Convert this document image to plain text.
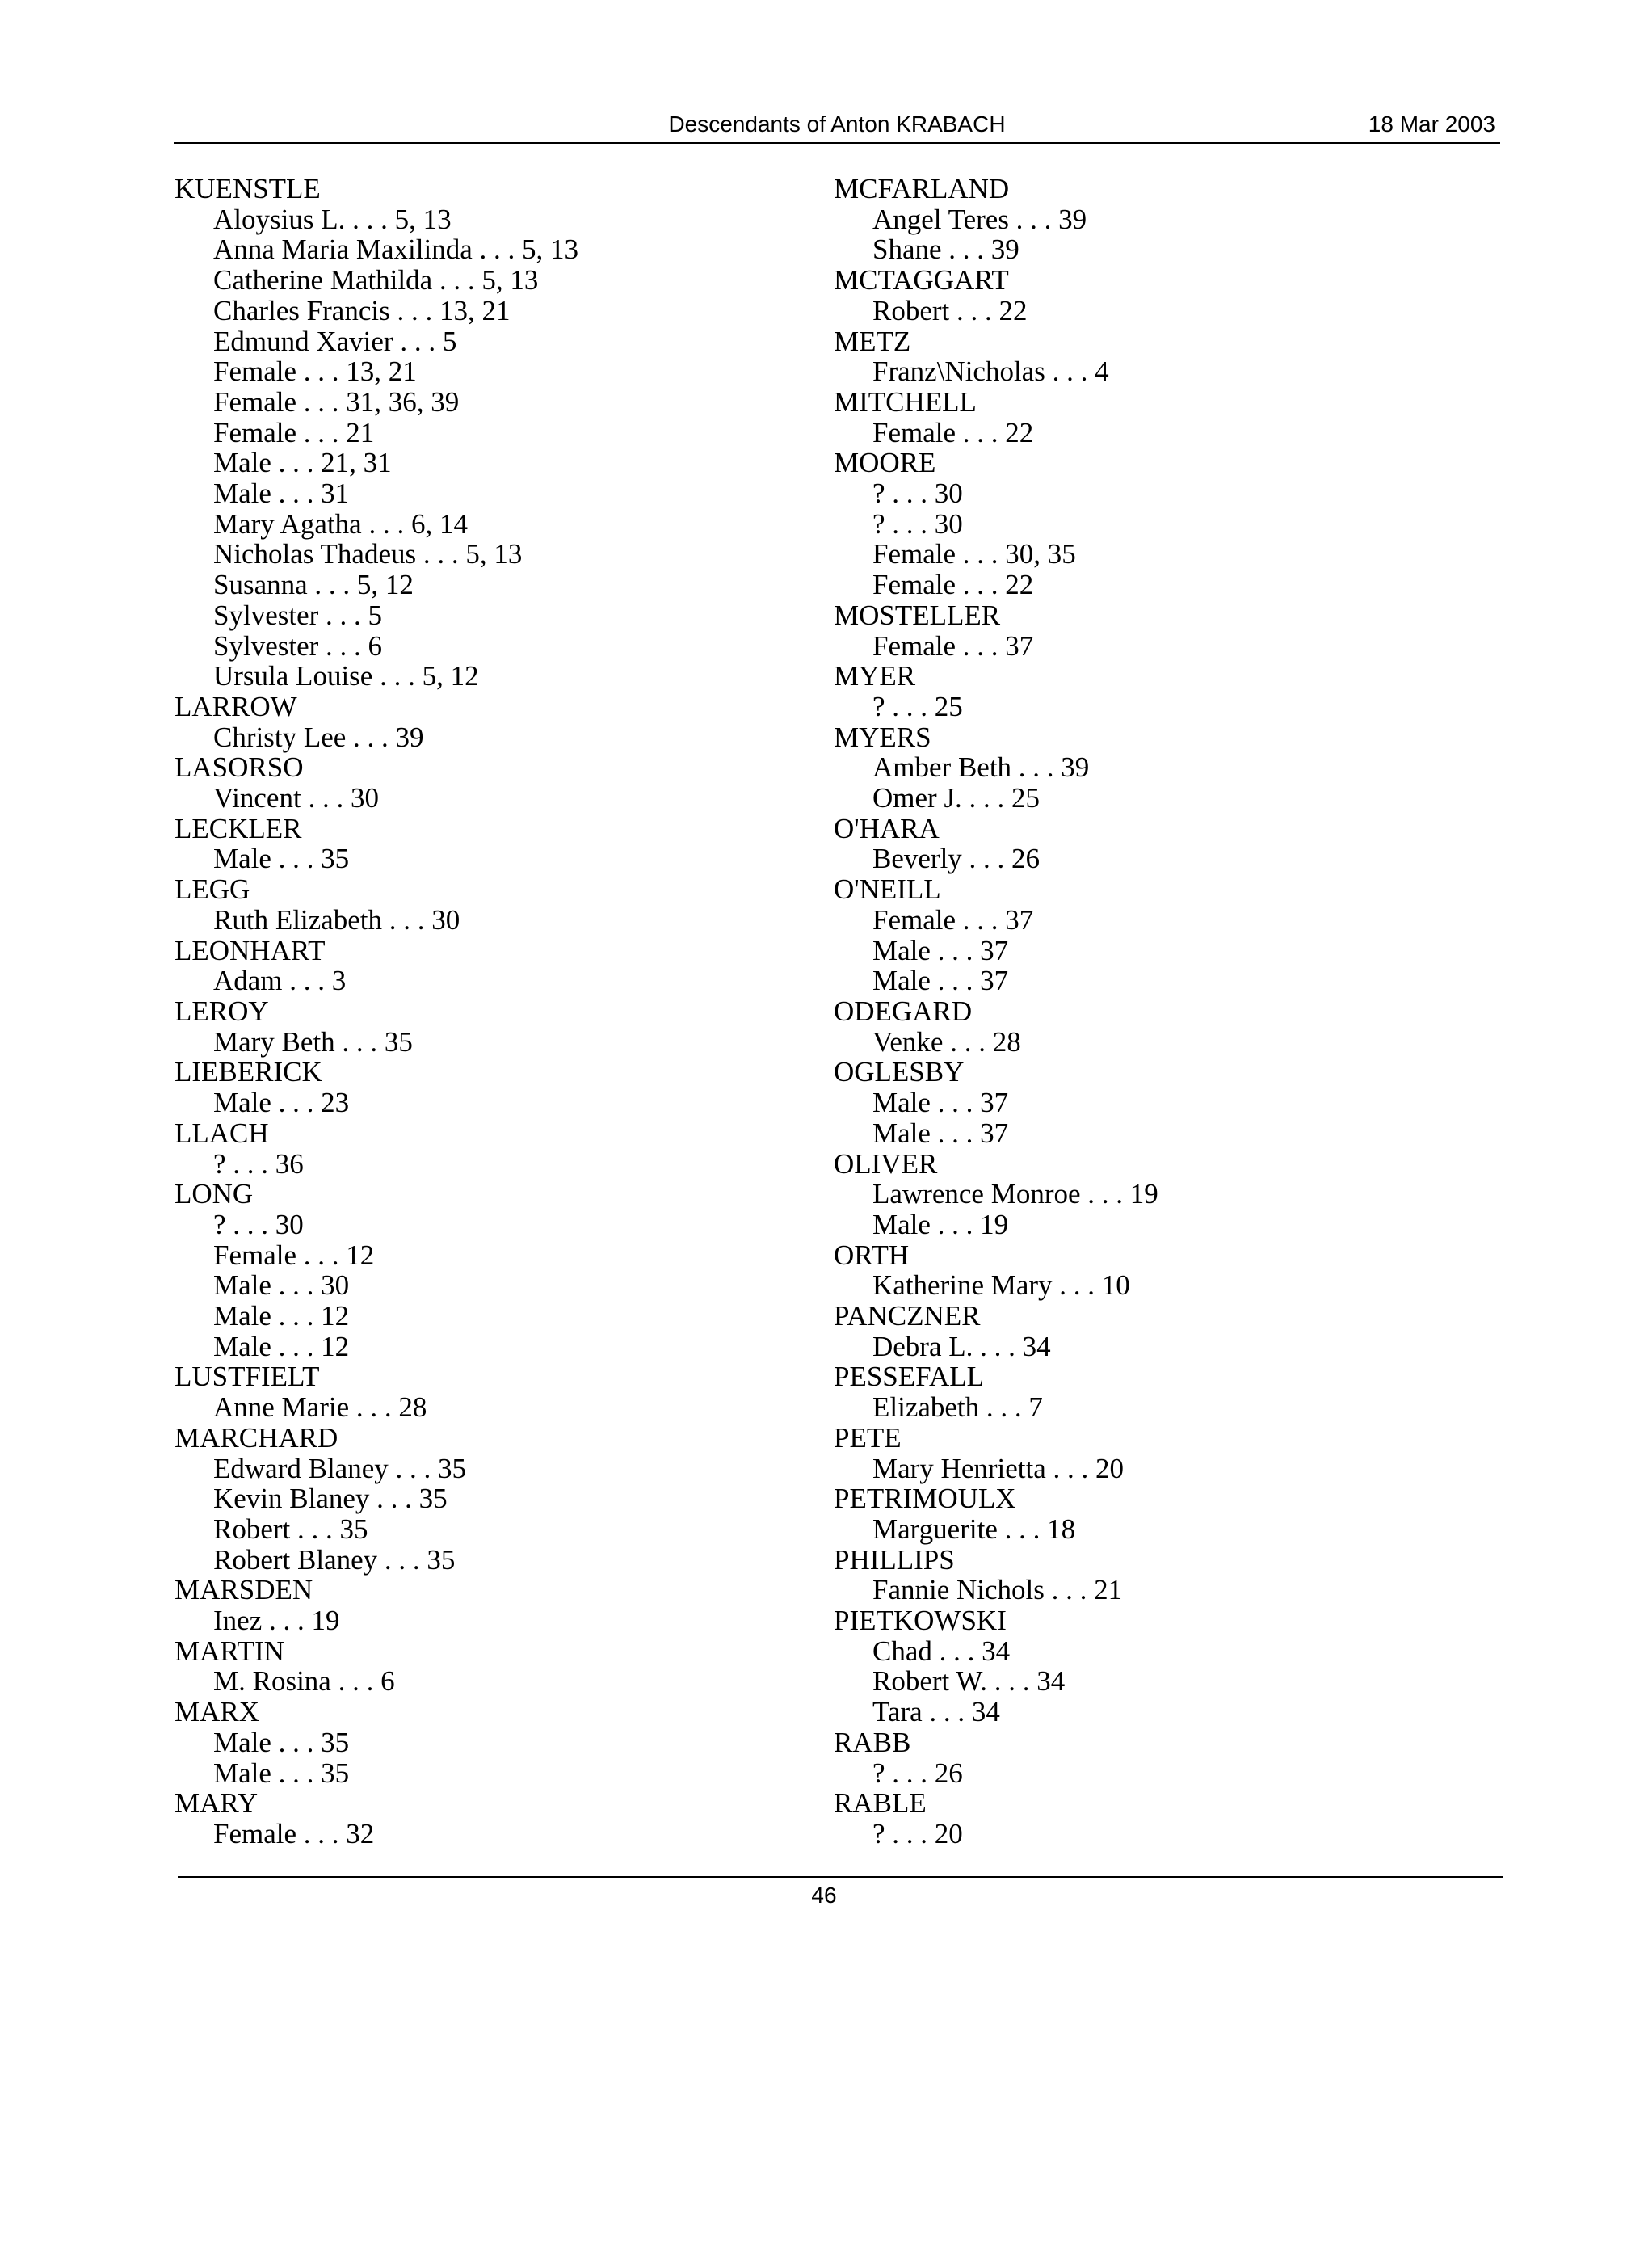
Descendants of Anton KRABACH	18 Mar 2003
KUENSTLE
Aloysius L. . . . 5, 13
Anna Maria Maxilinda . . . 5, 13
Catherine Mathilda . . . 5, 13
Charles Francis . . . 13, 21
Edmund Xavier . . . 5
Female . . . 13, 21
Female . . . 31, 36, 39
Female . . . 21
Male . . . 21, 31
Male . . . 31
Mary Agatha . . . 6, 14
Nicholas Thadeus . . . 5, 13
Susanna . . . 5, 12
Sylvester . . . 5
Sylvester . . . 6
Ursula Louise . . . 5, 12
LARROW
Christy Lee . . . 39
LASORSO
Vincent . . . 30
LECKLER
Male . . . 35
LEGG
Ruth Elizabeth . . . 30
LEONHART
Adam . . . 3
LEROY
Mary Beth . . . 35
LIEBERICK
Male . . . 23
LLACH
? . . . 36
LONG
? . . . 30
Female . . . 12
Male . . . 30
Male . . . 12
Male . . . 12
LUSTFIELT
Anne Marie . . . 28
MARCHARD
Edward Blaney . . . 35
Kevin Blaney . . . 35
Robert . . . 35
Robert Blaney . . . 35
MARSDEN
Inez . . . 19
MARTIN
M. Rosina . . . 6
MARX
Male . . . 35
Male . . . 35
MARY
Female . . . 32
MCFARLAND
Angel Teres . . . 39
Shane . . . 39
MCTAGGART
Robert . . . 22
METZ
Franz\Nicholas . . . 4
MITCHELL
Female . . . 22
MOORE
? . . . 30
? . . . 30
Female . . . 30, 35
Female . . . 22
MOSTELLER
Female . . . 37
MYER
? . . . 25
MYERS
Amber Beth . . . 39
Omer J. . . . 25
O'HARA
Beverly . . . 26
O'NEILL
Female . . . 37
Male . . . 37
Male . . . 37
ODEGARD
Venke . . . 28
OGLESBY
Male . . . 37
Male . . . 37
OLIVER
Lawrence Monroe . . . 19
Male . . . 19
ORTH
Katherine Mary . . . 10
PANCZNER
Debra L. . . . 34
PESSEFALL
Elizabeth . . . 7
PETE
Mary Henrietta . . . 20
PETRIMOULX
Marguerite . . . 18
PHILLIPS
Fannie Nichols . . . 21
PIETKOWSKI
Chad . . . 34
Robert W. . . . 34
Tara . . . 34
RABB
? . . . 26
RABLE
? . . . 20
46
